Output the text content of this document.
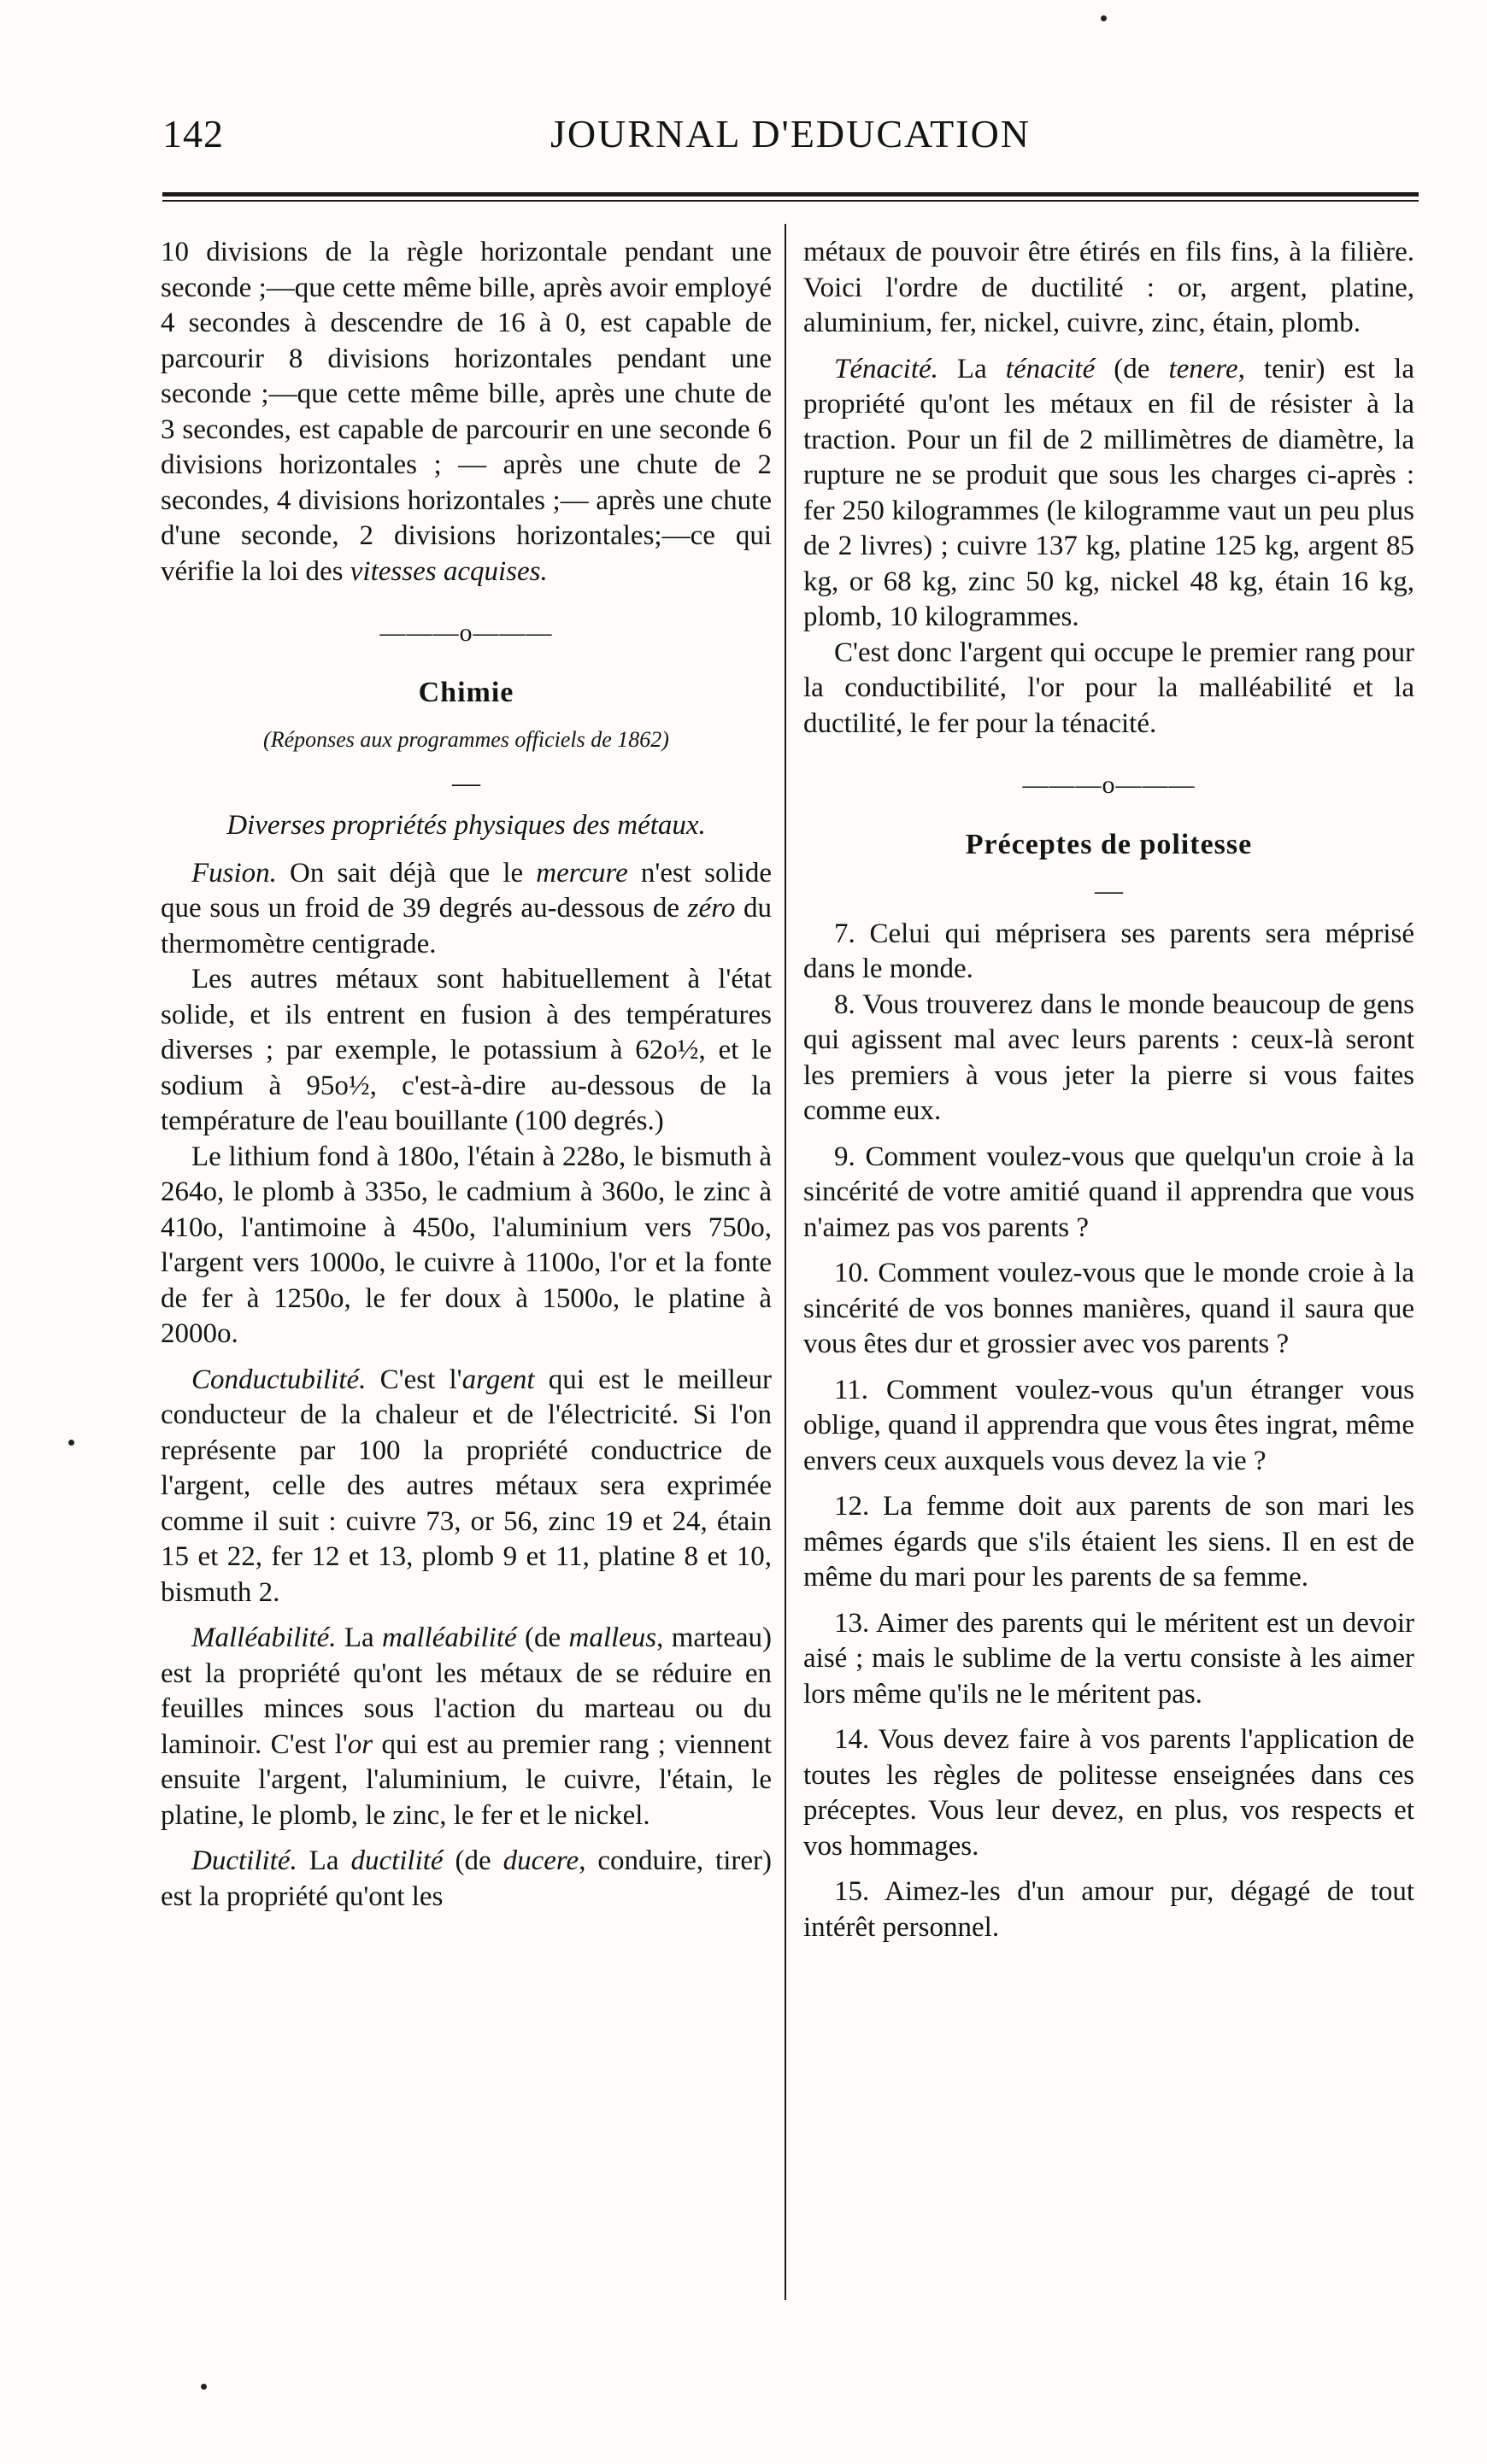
142	JOURNAL D'EDUCATION

10 divisions de la règle horizontale pendant une seconde ;—que cette même bille, après avoir employé 4 secondes à descendre de 16 à 0, est capable de parcourir 8 divisions horizontales pendant une seconde ;—que cette même bille, après une chute de 3 secondes, est capable de parcourir en une seconde 6 divisions horizontales ; — après une chute de 2 secondes, 4 divisions horizontales ;— après une chute d'une seconde, 2 divisions horizontales;—ce qui vérifie la loi des vitesses acquises.

———o———

Chimie

(Réponses aux programmes officiels de 1862)

—

Diverses propriétés physiques des métaux.

Fusion. On sait déjà que le mercure n'est solide que sous un froid de 39 degrés au-dessous de zéro du thermomètre centigrade.

Les autres métaux sont habituellement à l'état solide, et ils entrent en fusion à des températures diverses ; par exemple, le potassium à 62o½, et le sodium à 95o½, c'est-à-dire au-dessous de la température de l'eau bouillante (100 degrés.)

Le lithium fond à 180o, l'étain à 228o, le bismuth à 264o, le plomb à 335o, le cadmium à 360o, le zinc à 410o, l'antimoine à 450o, l'aluminium vers 750o, l'argent vers 1000o, le cuivre à 1100o, l'or et la fonte de fer à 1250o, le fer doux à 1500o, le platine à 2000o.

Conductubilité. C'est l'argent qui est le meilleur conducteur de la chaleur et de l'électricité. Si l'on représente par 100 la propriété conductrice de l'argent, celle des autres métaux sera exprimée comme il suit : cuivre 73, or 56, zinc 19 et 24, étain 15 et 22, fer 12 et 13, plomb 9 et 11, platine 8 et 10, bismuth 2.

Malléabilité. La malléabilité (de malleus, marteau) est la propriété qu'ont les métaux de se réduire en feuilles minces sous l'action du marteau ou du laminoir. C'est l'or qui est au premier rang ; viennent ensuite l'argent, l'aluminium, le cuivre, l'étain, le platine, le plomb, le zinc, le fer et le nickel.

Ductilité. La ductilité (de ducere, conduire, tirer) est la propriété qu'ont les

métaux de pouvoir être étirés en fils fins, à la filière. Voici l'ordre de ductilité : or, argent, platine, aluminium, fer, nickel, cuivre, zinc, étain, plomb.

Ténacité. La ténacité (de tenere, tenir) est la propriété qu'ont les métaux en fil de résister à la traction. Pour un fil de 2 millimètres de diamètre, la rupture ne se produit que sous les charges ci-après : fer 250 kilogrammes (le kilogramme vaut un peu plus de 2 livres) ; cuivre 137 kg, platine 125 kg, argent 85 kg, or 68 kg, zinc 50 kg, nickel 48 kg, étain 16 kg, plomb, 10 kilogrammes.

C'est donc l'argent qui occupe le premier rang pour la conductibilité, l'or pour la malléabilité et la ductilité, le fer pour la ténacité.

———o———

Préceptes de politesse

—

7. Celui qui méprisera ses parents sera méprisé dans le monde.

8. Vous trouverez dans le monde beaucoup de gens qui agissent mal avec leurs parents : ceux-là seront les premiers à vous jeter la pierre si vous faites comme eux.

9. Comment voulez-vous que quelqu'un croie à la sincérité de votre amitié quand il apprendra que vous n'aimez pas vos parents ?

10. Comment voulez-vous que le monde croie à la sincérité de vos bonnes manières, quand il saura que vous êtes dur et grossier avec vos parents ?

11. Comment voulez-vous qu'un étranger vous oblige, quand il apprendra que vous êtes ingrat, même envers ceux auxquels vous devez la vie ?

12. La femme doit aux parents de son mari les mêmes égards que s'ils étaient les siens. Il en est de même du mari pour les parents de sa femme.

13. Aimer des parents qui le méritent est un devoir aisé ; mais le sublime de la vertu consiste à les aimer lors même qu'ils ne le méritent pas.

14. Vous devez faire à vos parents l'application de toutes les règles de politesse enseignées dans ces préceptes. Vous leur devez, en plus, vos respects et vos hommages.

15. Aimez-les d'un amour pur, dégagé de tout intérêt personnel.
